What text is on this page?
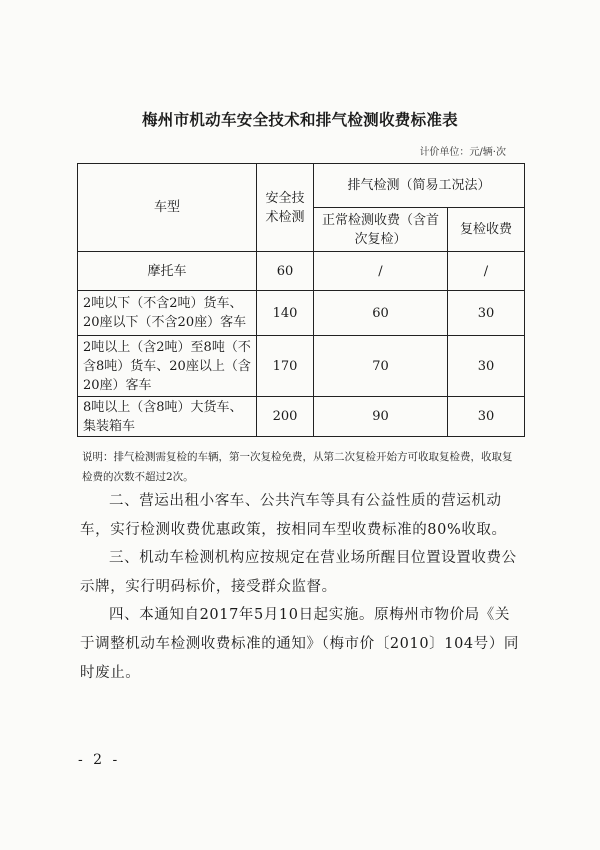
梅州市机动车安全技术和排气检测收费标准表
计价单位：元/辆·次
车型	安全技术检测	排气检测（简易工况法）	
		正常检测收费（含首次复检）	复检收费
摩托车	60	/	/
2吨以下（不含2吨）货车、20座以下（不含20座）客车	140	60	30
2吨以上（含2吨）至8吨（不含8吨）货车、20座以上（含20座）客车	170	70	30
8吨以上（含8吨）大货车、集装箱车	200	90	30
说明：排气检测需复检的车辆，第一次复检免费，从第二次复检开始方可收取复检费，收取复检费的次数不超过2次。
二、营运出租小客车、公共汽车等具有公益性质的营运机动车，实行检测收费优惠政策，按相同车型收费标准的80%收取。
三、机动车检测机构应按规定在营业场所醒目位置设置收费公示牌，实行明码标价，接受群众监督。
四、本通知自2017年5月10日起实施。原梅州市物价局《关于调整机动车检测收费标准的通知》（梅市价〔2010〕104号）同时废止。
- 2 -
